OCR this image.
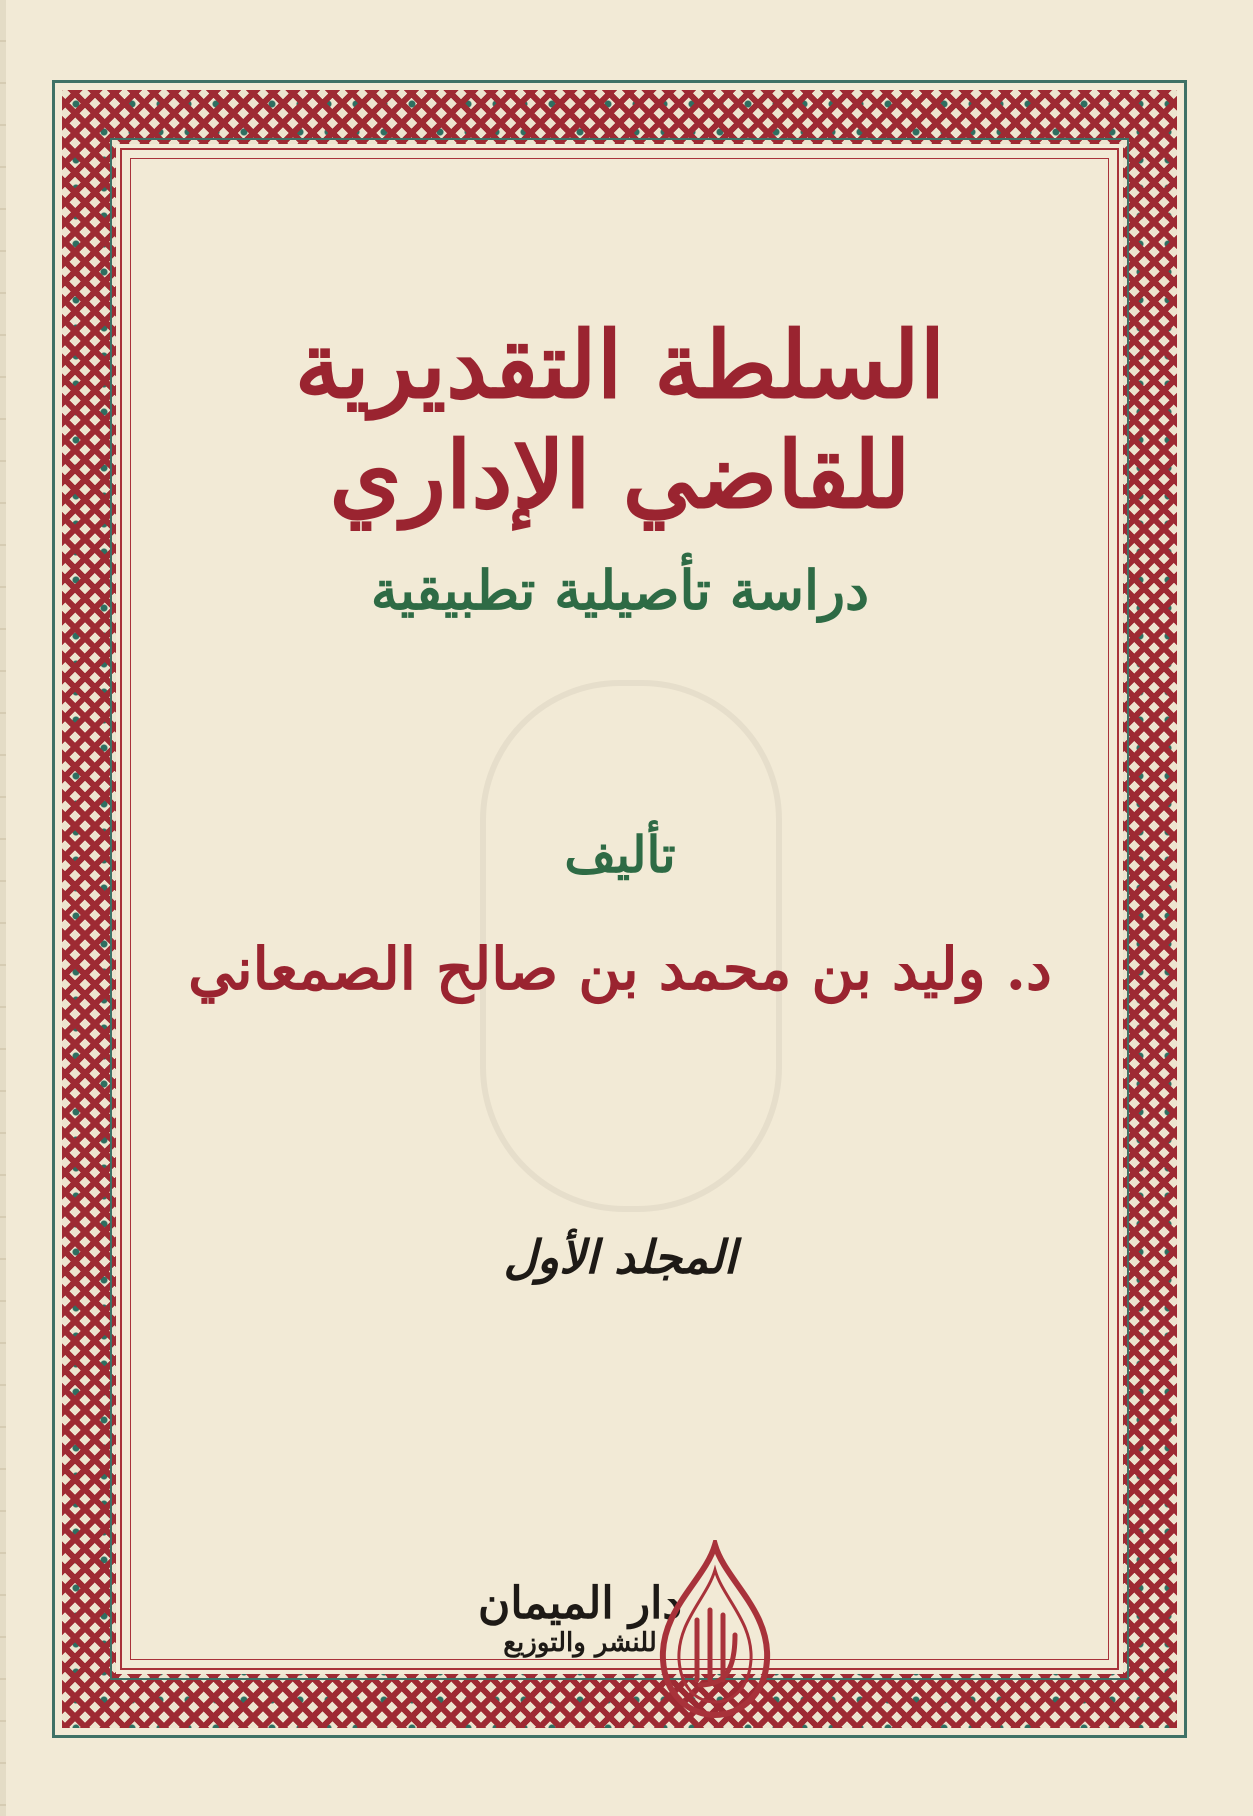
السلطة التقديرية للقاضي الإداري
دراسة تأصيلية تطبيقية
تأليف
د. وليد بن محمد بن صالح الصمعاني
المجلد الأول
دار الميمان
للنشر والتوزيع
